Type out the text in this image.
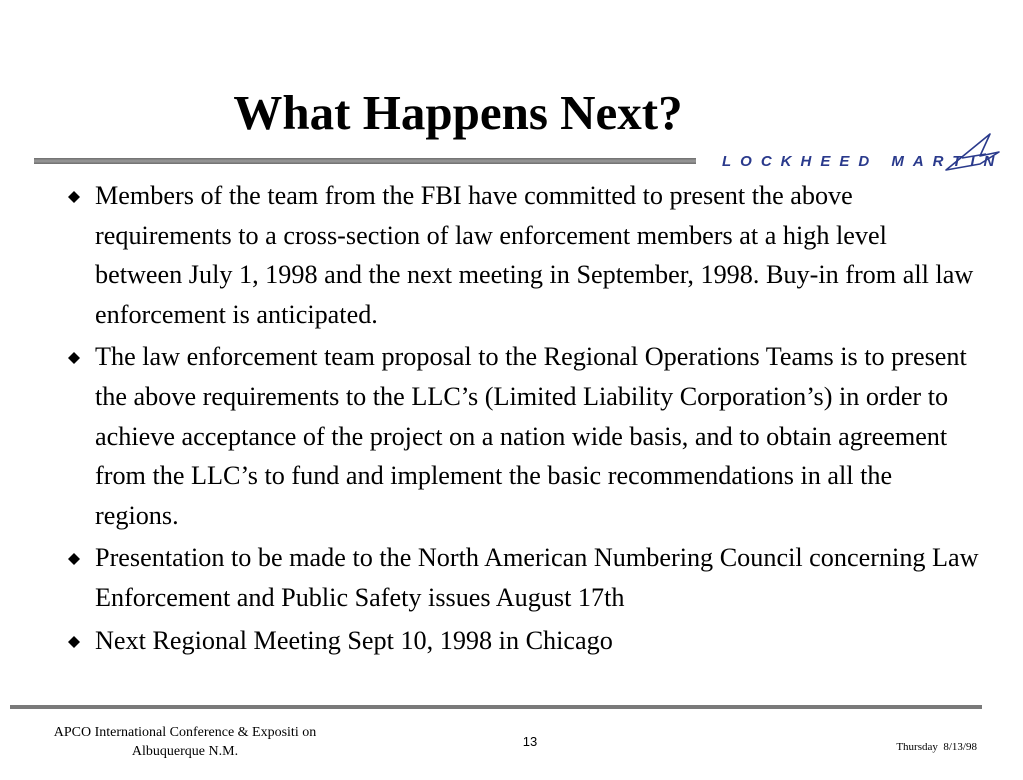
What Happens Next?
LOCKHEED MARTIN
Members of the team from the FBI have committed to present the above requirements to a cross-section of law enforcement members at a high level between July 1, 1998 and the next meeting in September, 1998. Buy-in from all law enforcement is anticipated.
The law enforcement team proposal to the Regional Operations Teams is to present the above requirements to the LLC’s (Limited Liability Corporation’s) in order to achieve acceptance of the project on a nation wide basis, and to obtain agreement from the LLC’s to fund and implement the basic recommendations in all the regions.
Presentation to be made to the North American Numbering Council concerning Law Enforcement and Public Safety issues August 17th
Next Regional Meeting Sept 10, 1998 in Chicago
APCO International Conference & Expositi on
Albuquerque N.M.
13	Thursday  8/13/98
